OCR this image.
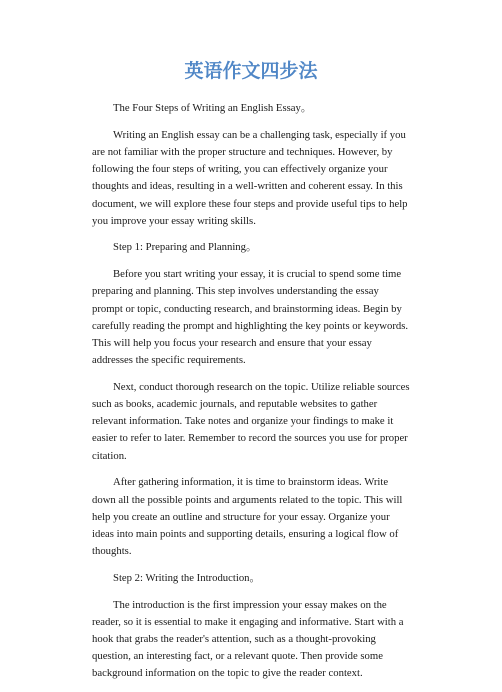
英语作文四步法

The Four Steps of Writing an English Essay。

Writing an English essay can be a challenging task, especially if you are not familiar with the proper structure and techniques. However, by following the four steps of writing, you can effectively organize your thoughts and ideas, resulting in a well-written and coherent essay. In this document, we will explore these four steps and provide useful tips to help you improve your essay writing skills.

Step 1: Preparing and Planning。

Before you start writing your essay, it is crucial to spend some time preparing and planning. This step involves understanding the essay prompt or topic, conducting research, and brainstorming ideas. Begin by carefully reading the prompt and highlighting the key points or keywords. This will help you focus your research and ensure that your essay addresses the specific requirements.

Next, conduct thorough research on the topic. Utilize reliable sources such as books, academic journals, and reputable websites to gather relevant information. Take notes and organize your findings to make it easier to refer to later. Remember to record the sources you use for proper citation.

After gathering information, it is time to brainstorm ideas. Write down all the possible points and arguments related to the topic. This will help you create an outline and structure for your essay. Organize your ideas into main points and supporting details, ensuring a logical flow of thoughts.

Step 2: Writing the Introduction。

The introduction is the first impression your essay makes on the reader, so it is essential to make it engaging and informative. Start with a hook that grabs the reader's attention, such as a thought-provoking question, an interesting fact, or a relevant quote. Then provide some background information on the topic to give the reader context.
